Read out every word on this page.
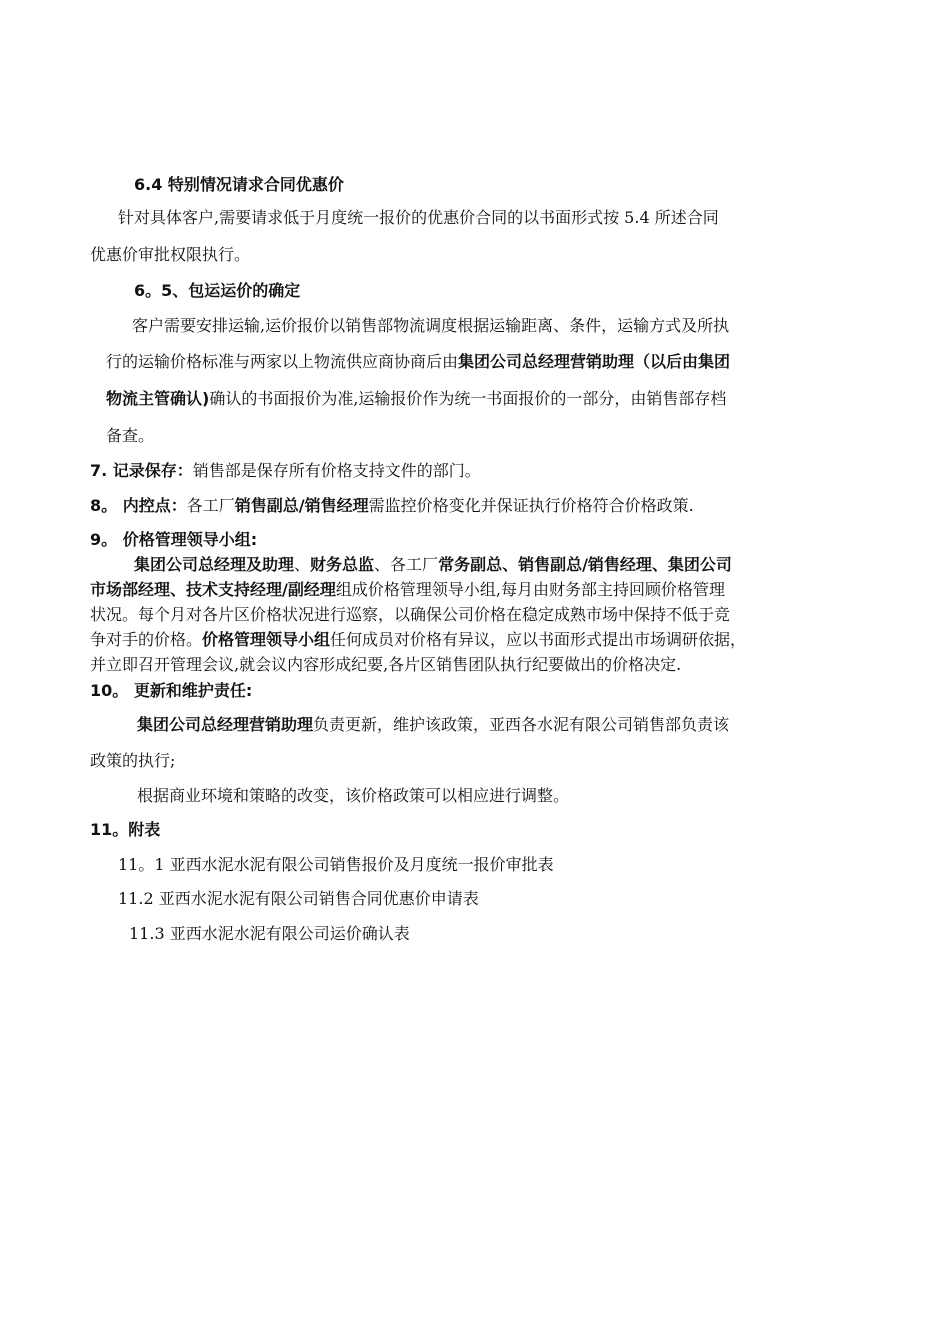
6.4 特别情况请求合同优惠价
针对具体客户,需要请求低于月度统一报价的优惠价合同的以书面形式按 5.4 所述合同
优惠价审批权限执行。
6。5、包运运价的确定
客户需要安排运输,运价报价以销售部物流调度根据运输距离、条件，运输方式及所执
行的运输价格标准与两家以上物流供应商协商后由集团公司总经理营销助理（以后由集团
物流主管确认)确认的书面报价为准,运输报价作为统一书面报价的一部分，由销售部存档
备查。
7. 记录保存：销售部是保存所有价格支持文件的部门。
8。 内控点：各工厂销售副总/销售经理需监控价格变化并保证执行价格符合价格政策.
9。 价格管理领导小组:
集团公司总经理及助理、财务总监、各工厂常务副总、销售副总/销售经理、集团公司
市场部经理、技术支持经理/副经理组成价格管理领导小组,每月由财务部主持回顾价格管理
状况。每个月对各片区价格状况进行巡察，以确保公司价格在稳定成熟市场中保持不低于竞
争对手的价格。价格管理领导小组任何成员对价格有异议，应以书面形式提出市场调研依据，
并立即召开管理会议,就会议内容形成纪要,各片区销售团队执行纪要做出的价格决定.
10。 更新和维护责任:
集团公司总经理营销助理负责更新，维护该政策，亚西各水泥有限公司销售部负责该
政策的执行;
根据商业环境和策略的改变，该价格政策可以相应进行调整。
11。附表
11。1 亚西水泥水泥有限公司销售报价及月度统一报价审批表
11.2 亚西水泥水泥有限公司销售合同优惠价申请表
11.3 亚西水泥水泥有限公司运价确认表
